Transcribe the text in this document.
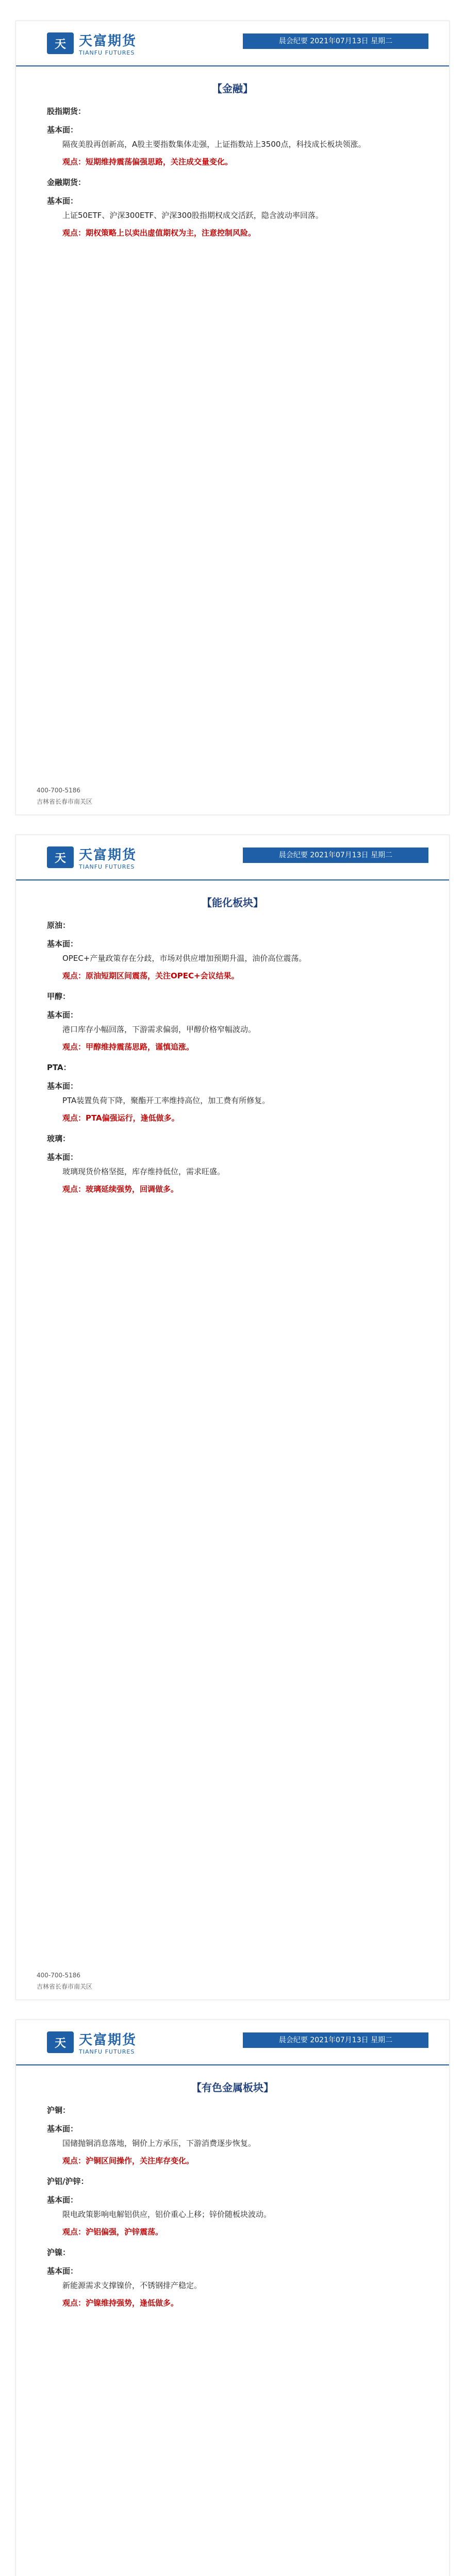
天 天富期货
TIANFU FUTURES
晨会纪要 2021年07月13日 星期二
【金融】
股指期货：
基本面：
隔夜美股再创新高，A股主要指数集体走强，上证指数站上3500点，科技成长板块领涨。
观点：短期维持震荡偏强思路，关注成交量变化。
金融期货：
基本面：
上证50ETF、沪深300ETF、沪深300股指期权成交活跃，隐含波动率回落。
观点：期权策略上以卖出虚值期权为主，注意控制风险。
400-700-5186
吉林省长春市南关区
天 天富期货
TIANFU FUTURES
晨会纪要 2021年07月13日 星期二
【能化板块】
原油：
基本面：
OPEC+产量政策存在分歧，市场对供应增加预期升温，油价高位震荡。
观点：原油短期区间震荡，关注OPEC+会议结果。
甲醇：
基本面：
港口库存小幅回落，下游需求偏弱，甲醇价格窄幅波动。
观点：甲醇维持震荡思路，谨慎追涨。
PTA：
基本面：
PTA装置负荷下降，聚酯开工率维持高位，加工费有所修复。
观点：PTA偏强运行，逢低做多。
玻璃：
基本面：
玻璃现货价格坚挺，库存维持低位，需求旺盛。
观点：玻璃延续强势，回调做多。
400-700-5186
吉林省长春市南关区
天 天富期货
TIANFU FUTURES
晨会纪要 2021年07月13日 星期二
【有色金属板块】
沪铜：
基本面：
国储抛铜消息落地，铜价上方承压，下游消费逐步恢复。
观点：沪铜区间操作，关注库存变化。
沪铝/沪锌：
基本面：
限电政策影响电解铝供应，铝价重心上移；锌价随板块波动。
观点：沪铝偏强，沪锌震荡。
沪镍：
基本面：
新能源需求支撑镍价，不锈钢排产稳定。
观点：沪镍维持强势，逢低做多。
